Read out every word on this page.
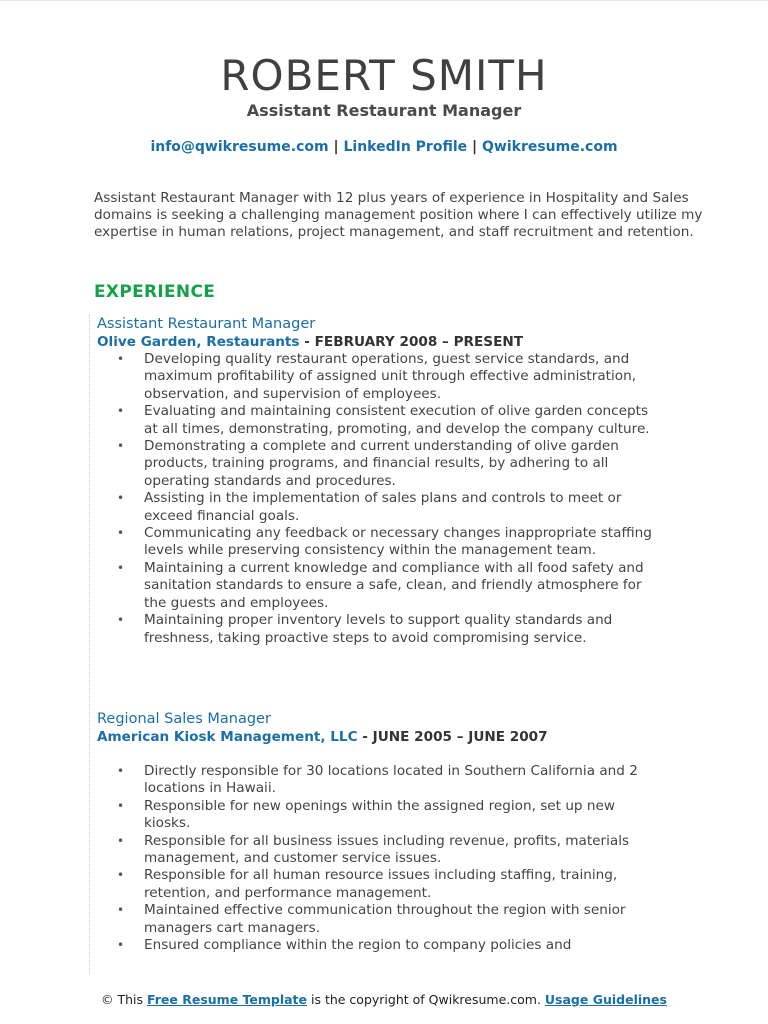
ROBERT SMITH
Assistant Restaurant Manager
info@qwikresume.com | LinkedIn Profile | Qwikresume.com
Assistant Restaurant Manager with 12 plus years of experience in Hospitality and Sales domains is seeking a challenging management position where I can effectively utilize my expertise in human relations, project management, and staff recruitment and retention.
EXPERIENCE
Assistant Restaurant Manager
Olive Garden, Restaurants - FEBRUARY 2008 – PRESENT
• Developing quality restaurant operations, guest service standards, and maximum profitability of assigned unit through effective administration, observation, and supervision of employees.
• Evaluating and maintaining consistent execution of olive garden concepts at all times, demonstrating, promoting, and develop the company culture.
• Demonstrating a complete and current understanding of olive garden products, training programs, and financial results, by adhering to all operating standards and procedures.
• Assisting in the implementation of sales plans and controls to meet or exceed financial goals.
• Communicating any feedback or necessary changes inappropriate staffing levels while preserving consistency within the management team.
• Maintaining a current knowledge and compliance with all food safety and sanitation standards to ensure a safe, clean, and friendly atmosphere for the guests and employees.
• Maintaining proper inventory levels to support quality standards and freshness, taking proactive steps to avoid compromising service.
Regional Sales Manager
American Kiosk Management, LLC - JUNE 2005 – JUNE 2007
• Directly responsible for 30 locations located in Southern California and 2 locations in Hawaii.
• Responsible for new openings within the assigned region, set up new kiosks.
• Responsible for all business issues including revenue, profits, materials management, and customer service issues.
• Responsible for all human resource issues including staffing, training, retention, and performance management.
• Maintained effective communication throughout the region with senior managers cart managers.
• Ensured compliance within the region to company policies and
© This Free Resume Template is the copyright of Qwikresume.com. Usage Guidelines
